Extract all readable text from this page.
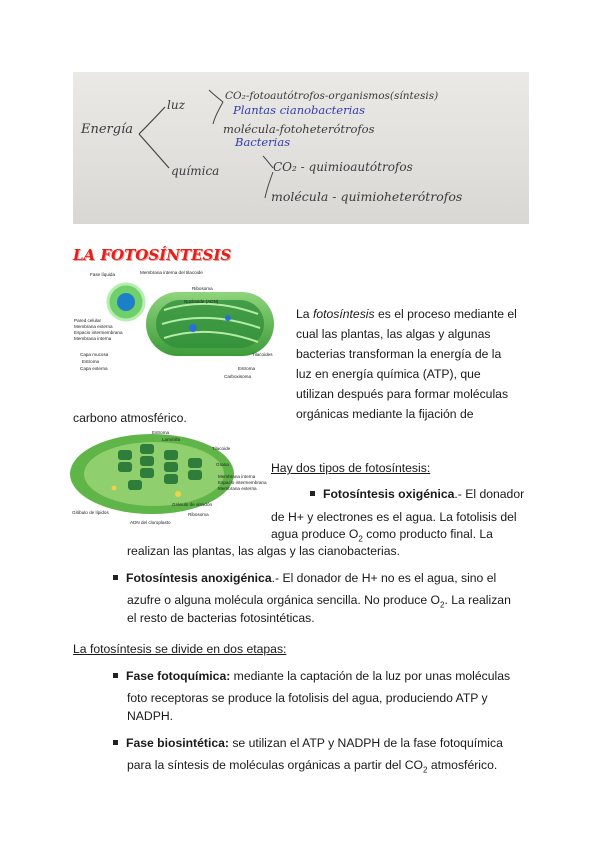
Energía
luz
química
CO₂-fotoautótrofos-organismos(síntesis)
Plantas cianobacterias
molécula-fotoheterótrofos
Bacterias
CO₂ - quimioautótrofos
molécula - quimioheterótrofos
LA FOTOSÍNTESIS
Fase líquida	Membrana interna del tilacoide
Ribosoma
Nucleoide (ADN)
Pared celular
Membrana externa
Espacio intermembrana
Membrana interna
Capa mucosa
Estroma
Capa externa
Tilacoides
Estroma
Carboxisoma
La fotosíntesis es el proceso mediante el
cual las plantas, las algas y algunas
bacterias transforman la energía de la
luz en energía química (ATP), que
utilizan después para formar moléculas
orgánicas mediante la fijación de
carbono atmosférico.
Estroma
Laminilla
Tilacoide
Grana
Membrana interna
Espacio intermembrana
Membrana externa
Gránulo de almidón
Ribosoma
ADN del cloroplasto
Glóbulo de lípidos
Hay dos tipos de fotosíntesis:
Fotosíntesis oxigénica.- El donador
de H+ y electrones es el agua. La fotolisis del
agua produce $O_2$ como producto final. La
realizan las plantas, las algas y las cianobacterias.
Fotosíntesis anoxigénica.- El donador de H+ no es el agua, sino el
azufre o alguna molécula orgánica sencilla. No produce $O_2$. La realizan
el resto de bacterias fotosintéticas.
La fotosíntesis se divide en dos etapas:
Fase fotoquímica: mediante la captación de la luz por unas moléculas
foto receptoras se produce la fotolisis del agua, produciendo ATP y
NADPH.
Fase biosintética: se utilizan el ATP y NADPH de la fase fotoquímica
para la síntesis de moléculas orgánicas a partir del $CO_2$ atmosférico.
